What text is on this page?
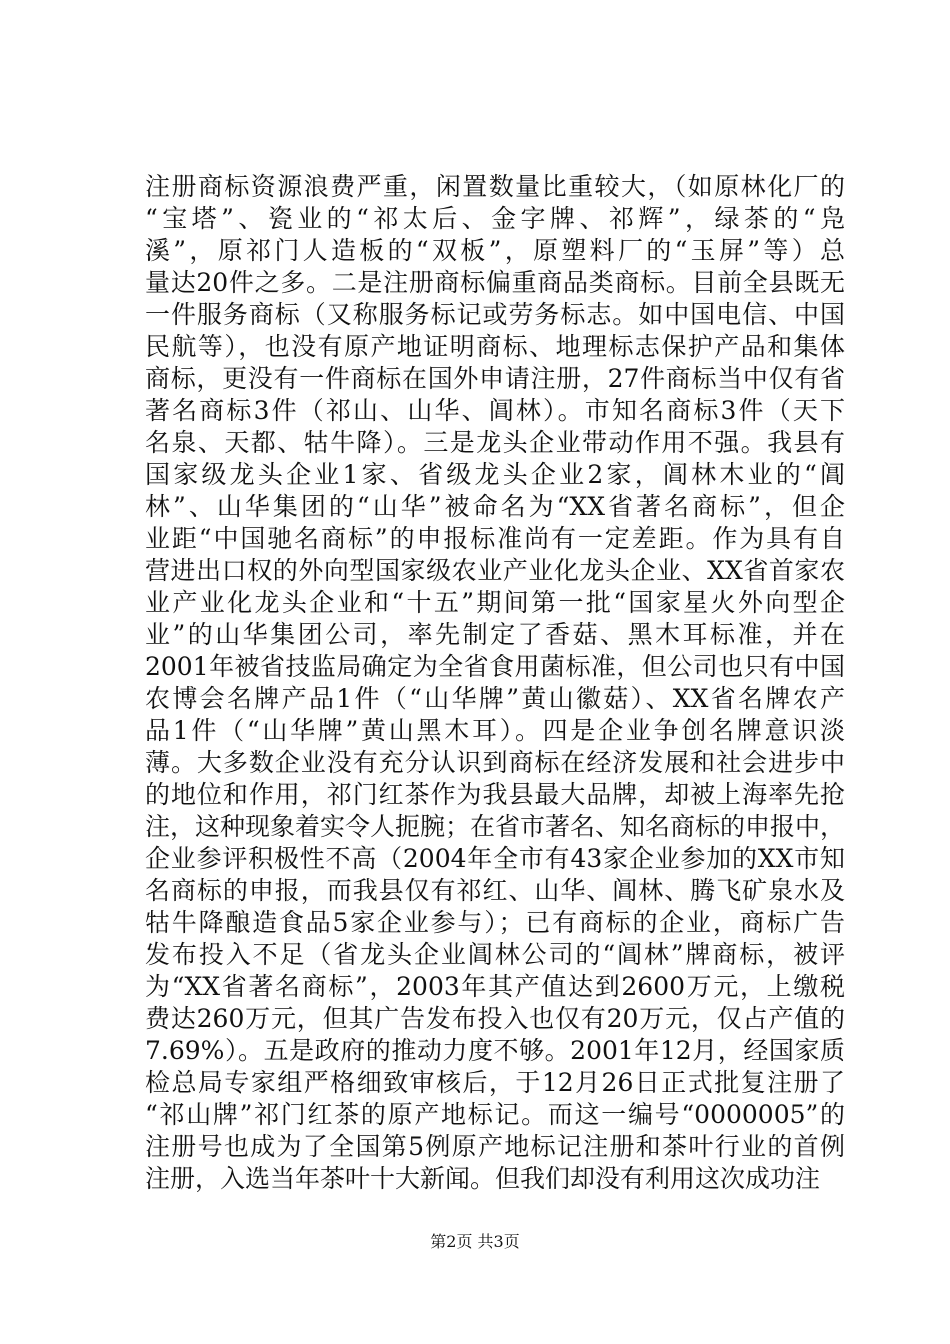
注册商标资源浪费严重，闲置数量比重较大，（如原林化厂的
“宝塔”、瓷业的“祁太后、金字牌、祁辉”，绿茶的“凫
溪”，原祁门人造板的“双板”，原塑料厂的“玉屏”等）总
量达20件之多。二是注册商标偏重商品类商标。目前全县既无
一件服务商标（又称服务标记或劳务标志。如中国电信、中国
民航等），也没有原产地证明商标、地理标志保护产品和集体
商标，更没有一件商标在国外申请注册，27件商标当中仅有省
著名商标3件（祁山、山华、阊林）。市知名商标3件（天下
名泉、天都、牯牛降）。三是龙头企业带动作用不强。我县有
国家级龙头企业1家、省级龙头企业2家，阊林木业的“阊
林”、山华集团的“山华”被命名为“XX省著名商标”，但企
业距“中国驰名商标”的申报标准尚有一定差距。作为具有自
营进出口权的外向型国家级农业产业化龙头企业、XX省首家农
业产业化龙头企业和“十五”期间第一批“国家星火外向型企
业”的山华集团公司，率先制定了香菇、黑木耳标准，并在
2001年被省技监局确定为全省食用菌标准，但公司也只有中国
农博会名牌产品1件（“山华牌”黄山徽菇）、XX省名牌农产
品1件（“山华牌”黄山黑木耳）。四是企业争创名牌意识淡
薄。大多数企业没有充分认识到商标在经济发展和社会进步中
的地位和作用，祁门红茶作为我县最大品牌，却被上海率先抢
注，这种现象着实令人扼腕；在省市著名、知名商标的申报中，
企业参评积极性不高（2004年全市有43家企业参加的XX市知
名商标的申报，而我县仅有祁红、山华、阊林、腾飞矿泉水及
牯牛降酿造食品5家企业参与）；已有商标的企业，商标广告
发布投入不足（省龙头企业阊林公司的“阊林”牌商标，被评
为“XX省著名商标”，2003年其产值达到2600万元，上缴税
费达260万元，但其广告发布投入也仅有20万元，仅占产值的
7.69%）。五是政府的推动力度不够。2001年12月，经国家质
检总局专家组严格细致审核后，于12月26日正式批复注册了
“祁山牌”祁门红茶的原产地标记。而这一编号“0000005”的
注册号也成为了全国第5例原产地标记注册和茶叶行业的首例
注册，入选当年茶叶十大新闻。但我们却没有利用这次成功注
第2页 共3页
